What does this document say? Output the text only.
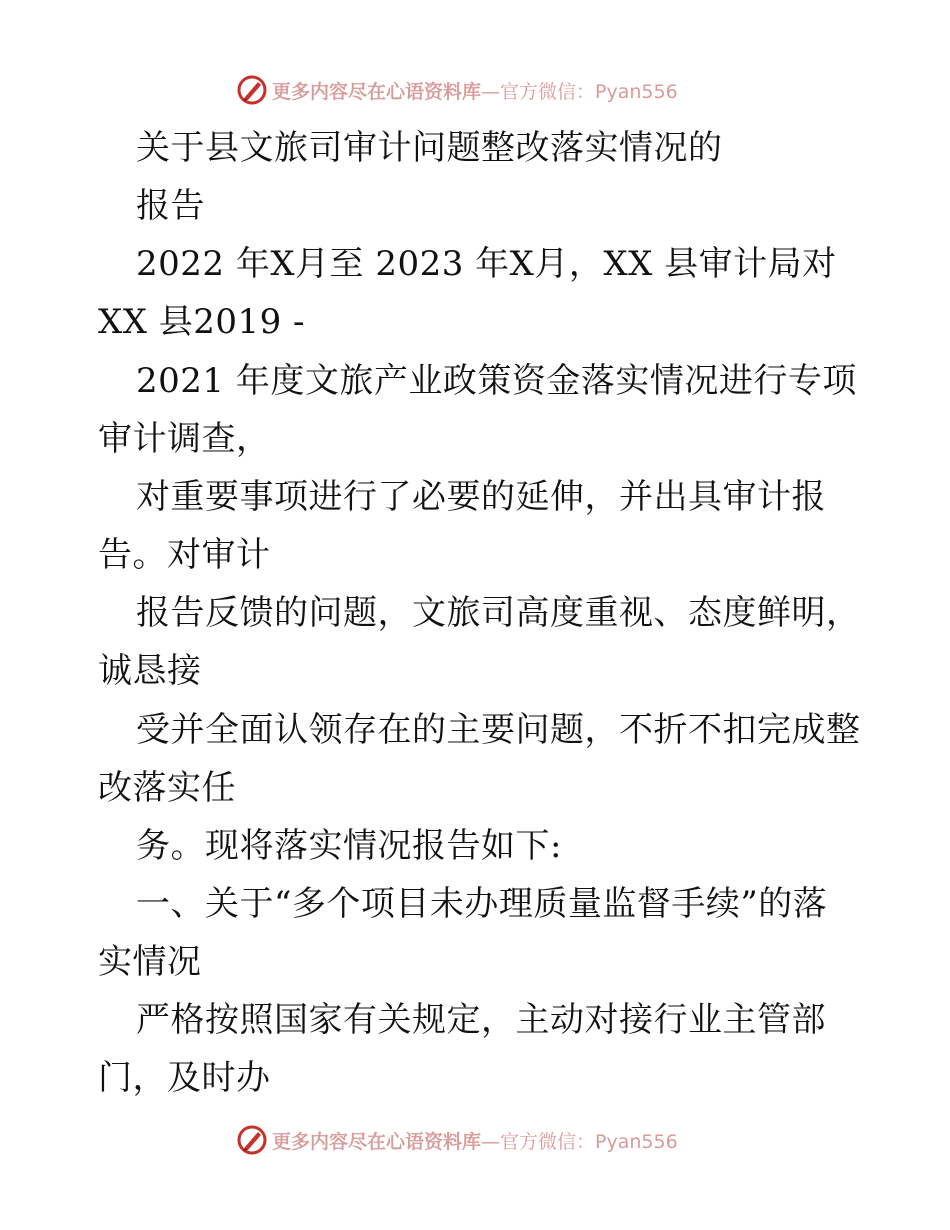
更多内容尽在心语资料库 —官方微信：Pyan556
关于县文旅司审计问题整改落实情况的
报告
2022 年X月至 2023 年X月，XX 县审计局对
XX 县2019 -
2021 年度文旅产业政策资金落实情况进行专项
审计调查，
对重要事项进行了必要的延伸，并出具审计报
告。对审计
报告反馈的问题，文旅司高度重视、态度鲜明，
诚恳接
受并全面认领存在的主要问题，不折不扣完成整
改落实任
务。现将落实情况报告如下:
一、关于“多个项目未办理质量监督手续”的落
实情况
严格按照国家有关规定，主动对接行业主管部
门，及时办
更多内容尽在心语资料库 —官方微信：Pyan556
